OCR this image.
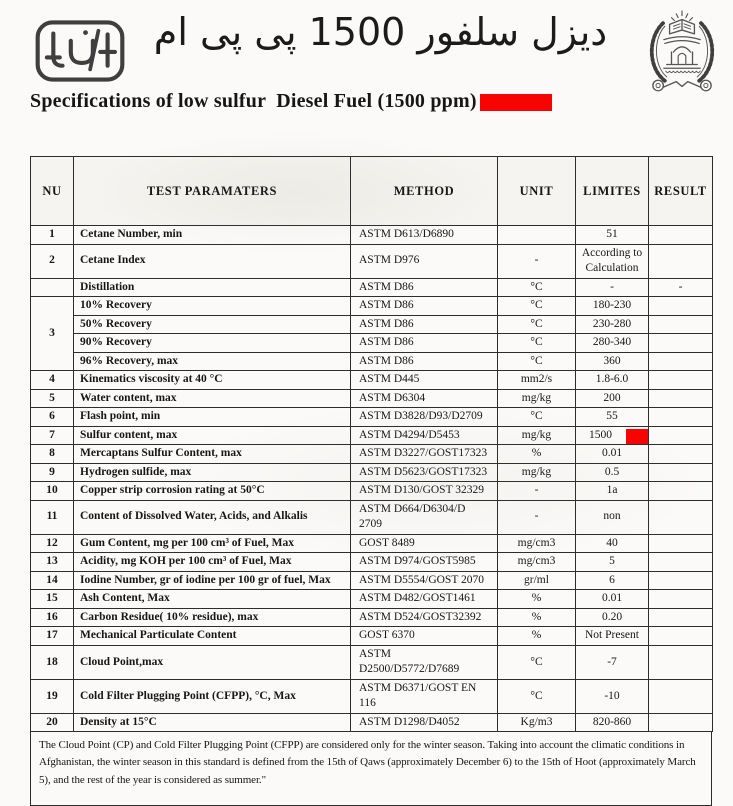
ديزل سلفور 1500 پی پی ام
Specifications of low sulfur  Diesel Fuel (1500 ppm)
NU	TEST PARAMATERS	METHOD	UNIT	LIMITES	RESULT
1	Cetane Number, min	ASTM D613/D6890		51	
2	Cetane Index	ASTM D976	-	According to Calculation	
	Distillation	ASTM D86	°C	-	-
3	10% Recovery	ASTM D86	°C	180-230	
	50% Recovery	ASTM D86	°C	230-280	
	90% Recovery	ASTM D86	°C	280-340	
	96% Recovery, max	ASTM D86	°C	360	
4	Kinematics viscosity at 40 °C	ASTM D445	mm2/s	1.8-6.0	
5	Water content, max	ASTM D6304	mg/kg	200	
6	Flash point, min	ASTM D3828/D93/D2709	°C	55	
7	Sulfur content, max	ASTM D4294/D5453	mg/kg	1500

8	Mercaptans Sulfur Content, max	ASTM D3227/GOST17323	%	0.01	
9	Hydrogen sulfide, max	ASTM D5623/GOST17323	mg/kg	0.5	
10	Copper strip corrosion rating at 50°C	ASTM D130/GOST 32329	-	1a	
11	Content of Dissolved Water, Acids, and Alkalis	ASTM D664/D6304/D 2709	-	non	
12	Gum Content, mg per 100 cm³ of Fuel, Max	GOST 8489	mg/cm3	40	
13	Acidity, mg KOH per 100 cm³ of Fuel, Max	ASTM D974/GOST5985	mg/cm3	5	
14	Iodine Number, gr of iodine per 100 gr of fuel, Max	ASTM D5554/GOST 2070	gr/ml	6	
15	Ash Content, Max	ASTM D482/GOST1461	%	0.01	
16	Carbon Residue( 10% residue), max	ASTM D524/GOST32392	%	0.20	
17	Mechanical Particulate Content	GOST 6370	%	Not Present	
18	Cloud Point,max	ASTM D2500/D5772/D7689	°C	-7	
19	Cold Filter Plugging Point (CFPP), °C, Max	ASTM D6371/GOST EN 116	°C	-10	
20	Density at 15°C	ASTM D1298/D4052	Kg/m3	820-860	
The Cloud Point (CP) and Cold Filter Plugging Point (CFPP) are considered only for the winter season. Taking into account the climatic conditions in Afghanistan, the winter season in this standard is defined from the 15th of Qaws (approximately December 6) to the 15th of Hoot (approximately March 5), and the rest of the year is considered as summer."
